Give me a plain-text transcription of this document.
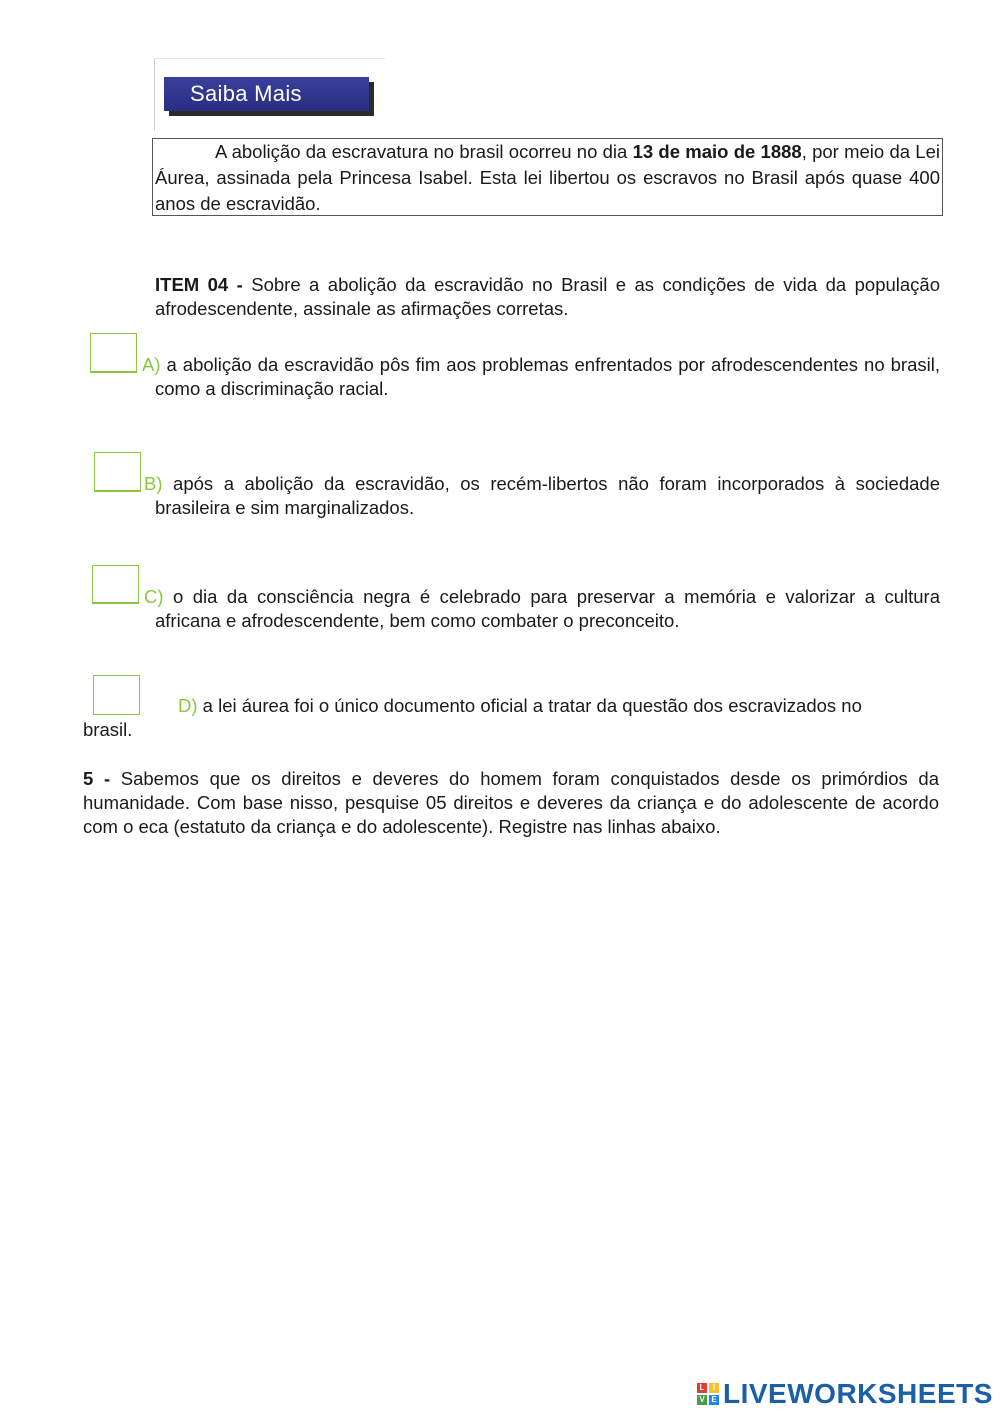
Saiba Mais
A abolição da escravatura no brasil ocorreu no dia 13 de maio de 1888, por meio da Lei Áurea, assinada pela Princesa Isabel. Esta lei libertou os escravos no Brasil após quase 400 anos de escravidão.
ITEM 04 - Sobre a abolição da escravidão no Brasil e as condições de vida da população afrodescendente, assinale as afirmações corretas.
A) a abolição da escravidão pôs fim aos problemas enfrentados por afrodescendentes no brasil, como a discriminação racial.
B) após a abolição da escravidão, os recém-libertos não foram incorporados à sociedade brasileira e sim marginalizados.
C) o dia da consciência negra é celebrado para preservar a memória e valorizar a cultura africana e afrodescendente, bem como combater o preconceito.
D) a lei áurea foi o único documento oficial a tratar da questão dos escravizados no
brasil.
5 - Sabemos que os direitos e deveres do homem foram conquistados desde os primórdios da humanidade. Com base nisso, pesquise 05 direitos e deveres da criança e do adolescente de acordo com o eca (estatuto da criança e do adolescente). Registre nas linhas abaixo.
L	I
V E LIVEWORKSHEETS
